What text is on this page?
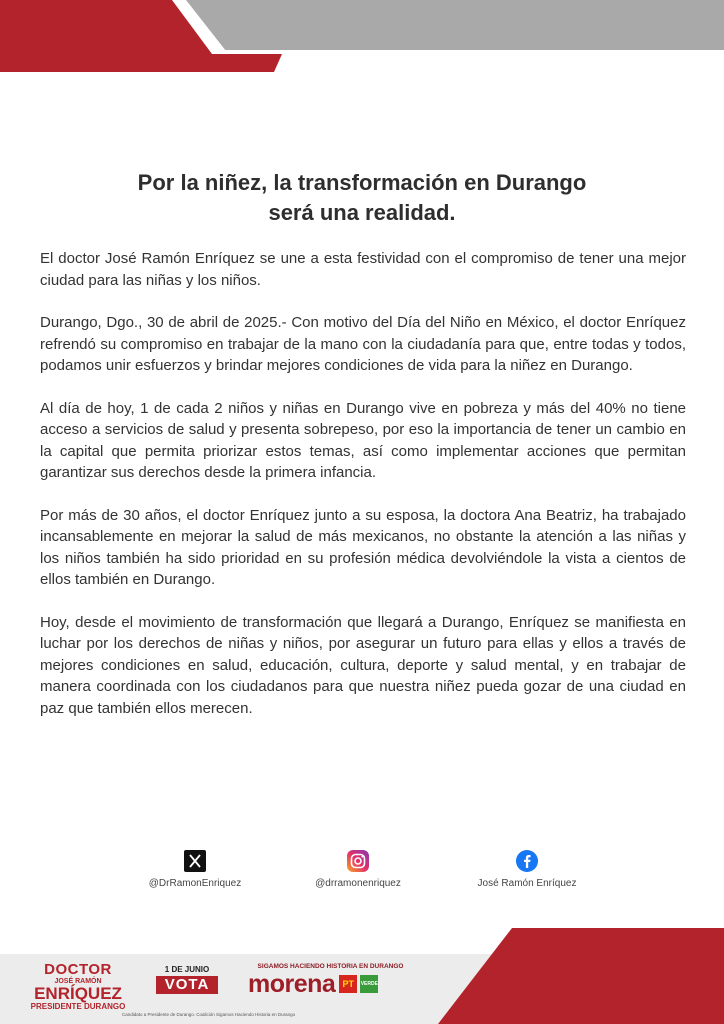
Por la niñez, la transformación en Durango
será una realidad.

El doctor José Ramón Enríquez se une a esta festividad con el compromiso de tener una mejor ciudad para las niñas y los niños.

Durango, Dgo., 30 de abril de 2025.- Con motivo del Día del Niño en México, el doctor Enríquez refrendó su compromiso en trabajar de la mano con la ciudadanía para que, entre todas y todos, podamos unir esfuerzos y brindar mejores condiciones de vida para la niñez en Durango.

Al día de hoy, 1 de cada 2 niños y niñas en Durango vive en pobreza y más del 40% no tiene acceso a servicios de salud y presenta sobrepeso, por eso la importancia de tener un cambio en la capital que permita priorizar estos temas, así como implementar acciones que permitan garantizar sus derechos desde la primera infancia.

Por más de 30 años, el doctor Enríquez junto a su esposa, la doctora Ana Beatriz, ha trabajado incansablemente en mejorar la salud de más mexicanos, no obstante la atención a las niñas y los niños también ha sido prioridad en su profesión médica devolviéndole la vista a cientos de ellos también en Durango.

Hoy, desde el movimiento de transformación que llegará a Durango, Enríquez se manifiesta en luchar por los derechos de niñas y niños, por asegurar un futuro para ellas y ellos a través de mejores condiciones en salud, educación, cultura, deporte y salud mental, y en trabajar de manera coordinada con los ciudadanos para que nuestra niñez pueda gozar de una ciudad en paz que también ellos merecen.

@DrRamonEnriquez	@drramonenriquez	José Ramón Enríquez
DOCTOR
JOSÉ RAMÓN
ENRÍQUEZ
PRESIDENTE DURANGO
1 DE JUNIO
VOTA
SIGAMOS HACIENDO HISTORIA EN DURANGO
morena PT	VERDE
Candidato a Presidente de Durango. Coalición Sigamos Haciendo Historia en Durango
